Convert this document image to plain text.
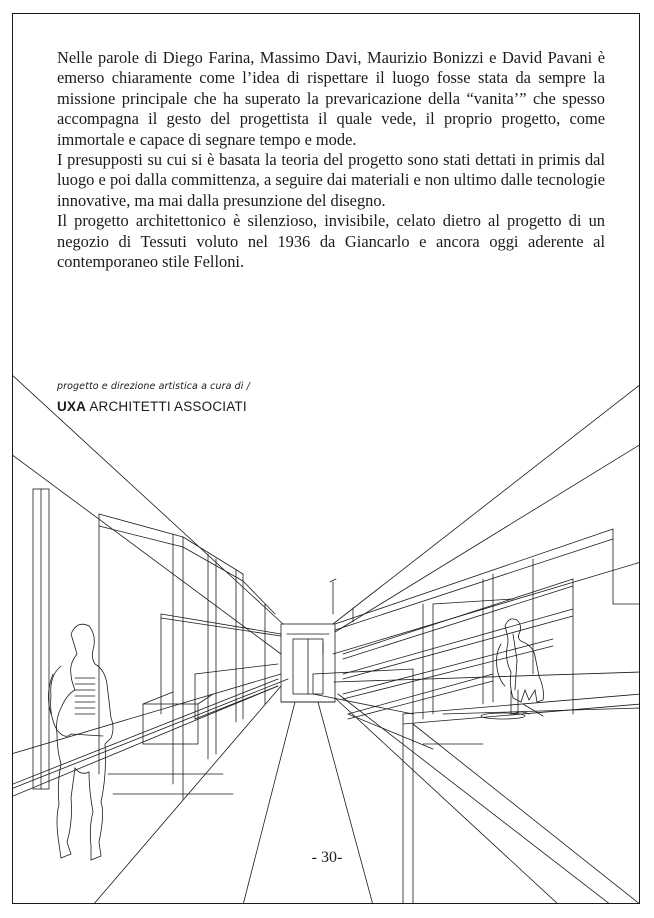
Nelle parole di Diego Farina, Massimo Davi, Maurizio Bonizzi e David Pavani è emerso chiaramente come l’idea di rispettare il luogo fosse stata da sempre la missione principale che ha superato la prevaricazione della “vanita’” che spesso accompagna il gesto del progettista il quale vede, il proprio progetto, come immortale e capace di segnare tempo e mode.

I presupposti su cui si è basata la teoria del progetto sono stati dettati in primis dal luogo e poi dalla committenza, a seguire dai materiali e non ultimo dalle tecnologie innovative, ma mai dalla presunzione del disegno.

Il progetto architettonico è silenzioso, invisibile, celato dietro al progetto di un negozio di Tessuti voluto nel 1936 da Giancarlo e ancora oggi aderente al contemporaneo stile Felloni.

progetto e direzione artistica a cura di /
UXA ARCHITETTI ASSOCIATI
- 30-
